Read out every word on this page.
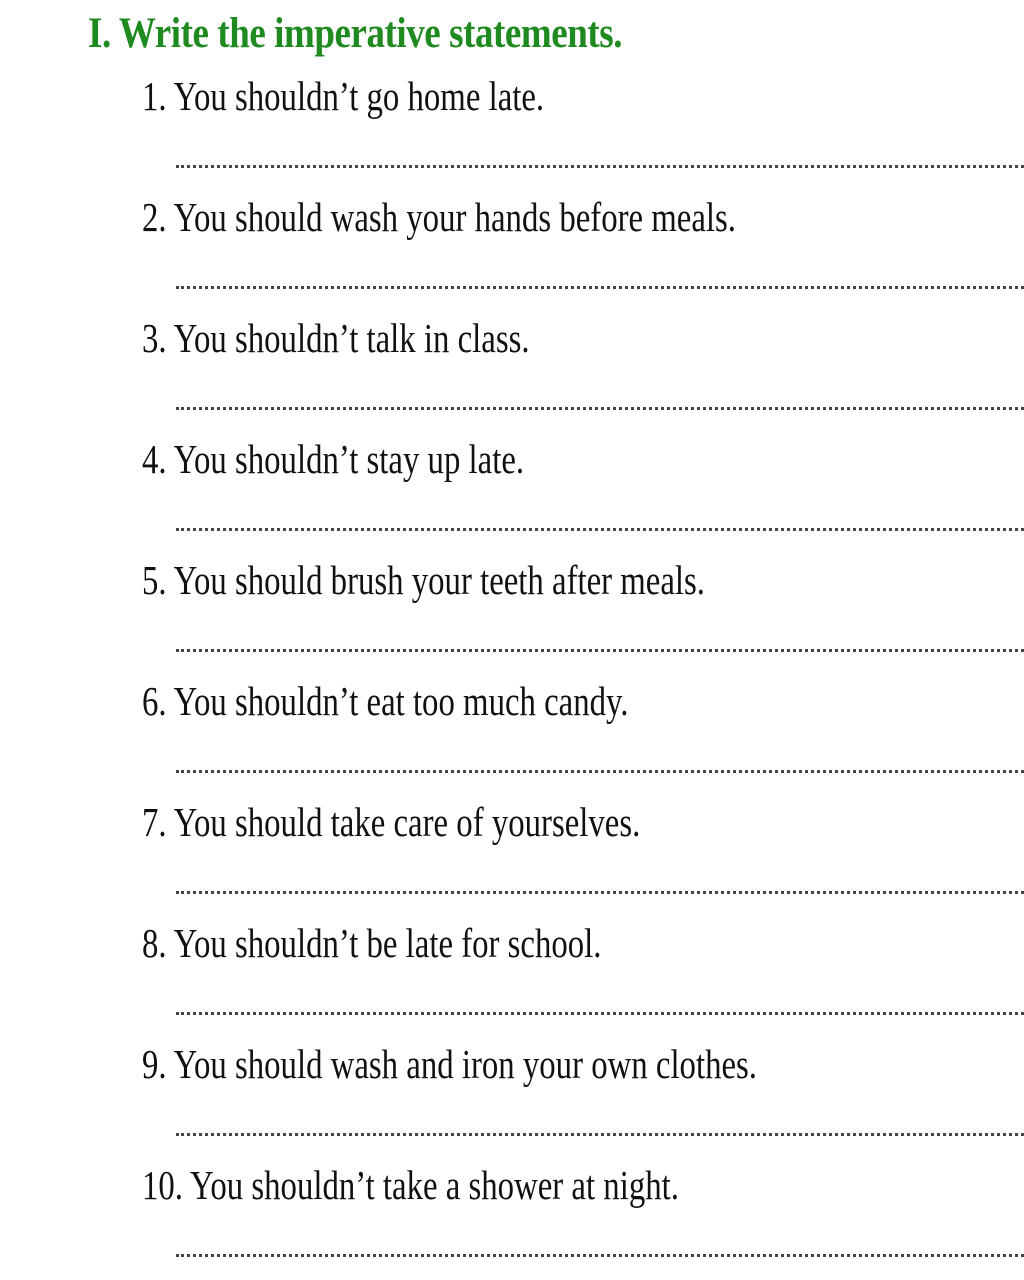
I. Write the imperative statements.
1. You shouldn’t go home late.
2. You should wash your hands before meals.
3. You shouldn’t talk in class.
4. You shouldn’t stay up late.
5. You should brush your teeth after meals.
6. You shouldn’t eat too much candy.
7. You should take care of yourselves.
8. You shouldn’t be late for school.
9. You should wash and iron your own clothes.
10. You shouldn’t take a shower at night.
